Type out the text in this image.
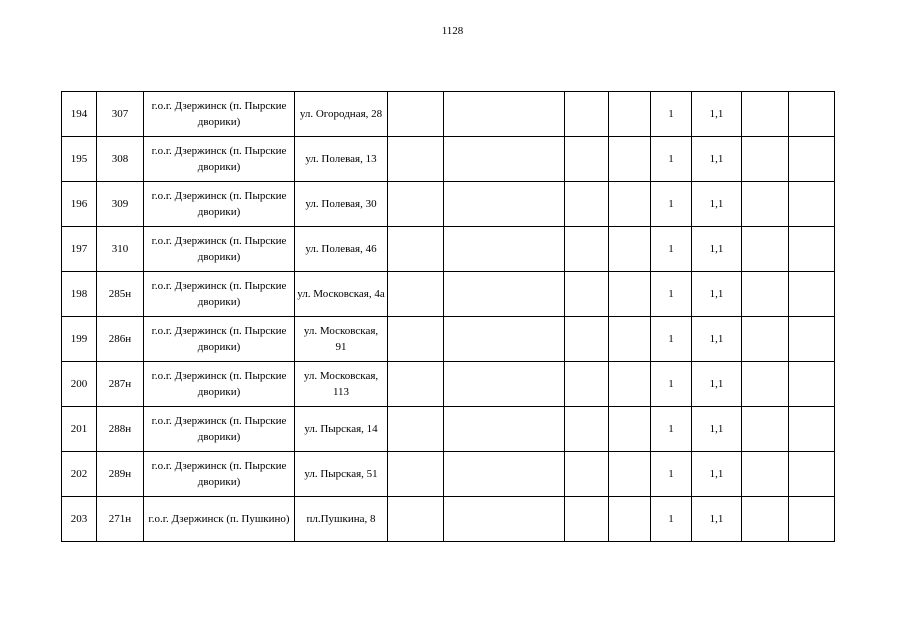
1128
194	307	г.о.г. Дзержинск (п. Пырские дворики)	ул. Огородная, 28					1	1,1		
195	308	г.о.г. Дзержинск (п. Пырские дворики)	ул. Полевая, 13					1	1,1		
196	309	г.о.г. Дзержинск (п. Пырские дворики)	ул. Полевая, 30					1	1,1		
197	310	г.о.г. Дзержинск (п. Пырские дворики)	ул. Полевая, 46					1	1,1		
198	285н	г.о.г. Дзержинск (п. Пырские дворики)	ул. Московская, 4а					1	1,1		
199	286н	г.о.г. Дзержинск (п. Пырские дворики)	ул. Московская, 91					1	1,1		
200	287н	г.о.г. Дзержинск (п. Пырские дворики)	ул. Московская, 113					1	1,1		
201	288н	г.о.г. Дзержинск (п. Пырские дворики)	ул. Пырская, 14					1	1,1		
202	289н	г.о.г. Дзержинск (п. Пырские дворики)	ул. Пырская, 51					1	1,1		
203	271н	г.о.г. Дзержинск (п. Пушкино)	пл.Пушкина, 8					1	1,1		
